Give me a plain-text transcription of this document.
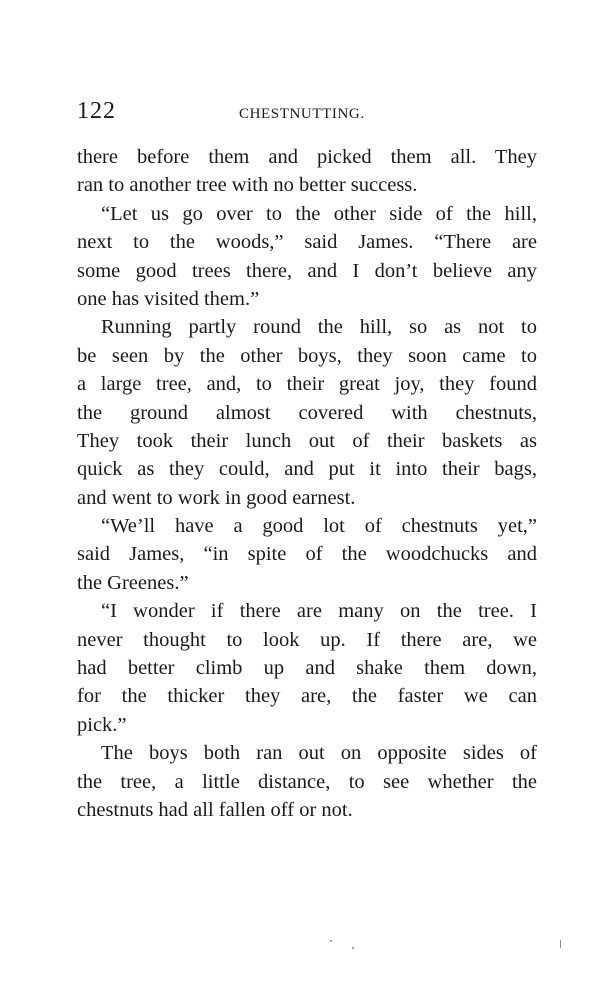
122	CHESTNUTTING.
there before them and picked them all. They
ran to another tree with no better success.
“Let us go over to the other side of the hill,
next to the woods,” said James. “There are
some good trees there, and I don’t believe any
one has visited them.”
Running partly round the hill, so as not to
be seen by the other boys, they soon came to
a large tree, and, to their great joy, they found
the ground almost covered with chestnuts,
They took their lunch out of their baskets as
quick as they could, and put it into their bags,
and went to work in good earnest.
“We’ll have a good lot of chestnuts yet,”
said James, “in spite of the woodchucks and
the Greenes.”
“I wonder if there are many on the tree. I
never thought to look up. If there are, we
had better climb up and shake them down,
for the thicker they are, the faster we can
pick.”
The boys both ran out on opposite sides of
the tree, a little distance, to see whether the
chestnuts had all fallen off or not.
